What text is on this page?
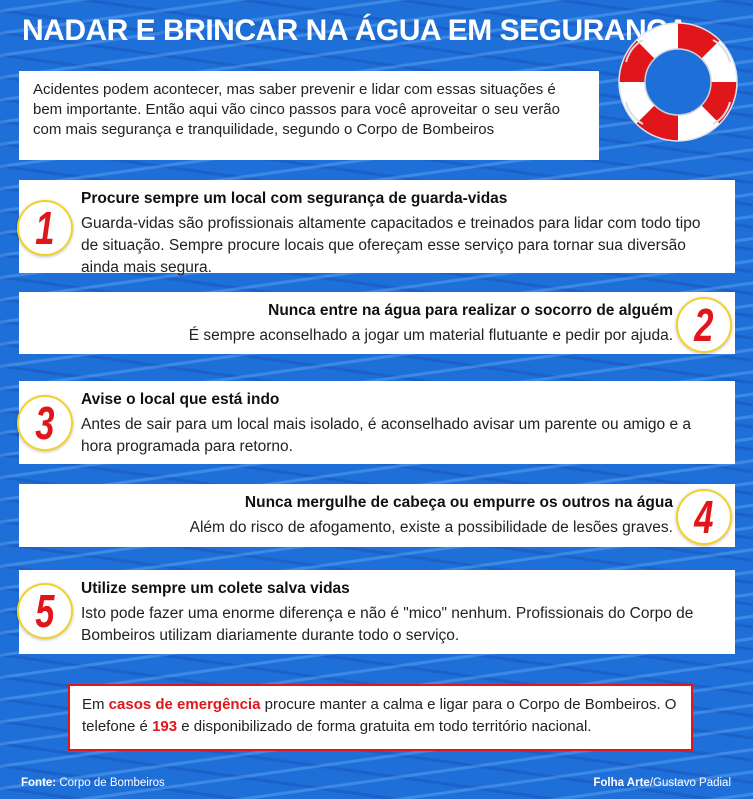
NADAR E BRINCAR NA ÁGUA EM SEGURANÇA
Acidentes podem acontecer, mas saber prevenir e lidar com essas situações é bem importante. Então aqui vão cinco passos para você aproveitar o seu verão com mais segurança e tranquilidade, segundo o Corpo de Bombeiros
Procure sempre um local com segurança de guarda-vidas
Guarda-vidas são profissionais altamente capacitados e treinados para lidar com todo tipo de situação. Sempre procure locais que ofereçam esse serviço para tornar sua diversão ainda mais segura.
1
Nunca entre na água para realizar o socorro de alguém
É sempre aconselhado a jogar um material flutuante e pedir por ajuda. 2
Avise o local que está indo
Antes de sair para um local mais isolado, é aconselhado avisar um parente ou amigo e a hora programada para retorno.
3
Nunca mergulhe de cabeça ou empurre os outros na água
Além do risco de afogamento, existe a possibilidade de lesões graves. 4
Utilize sempre um colete salva vidas
Isto pode fazer uma enorme diferença e não é "mico" nenhum. Profissionais do Corpo de Bombeiros utilizam diariamente durante todo o serviço.
5
Em casos de emergência procure manter a calma e ligar para o Corpo de Bombeiros. O telefone é 193 e disponibilizado de forma gratuita em todo território nacional.
Fonte: Corpo de Bombeiros	Folha Arte/Gustavo Padial
